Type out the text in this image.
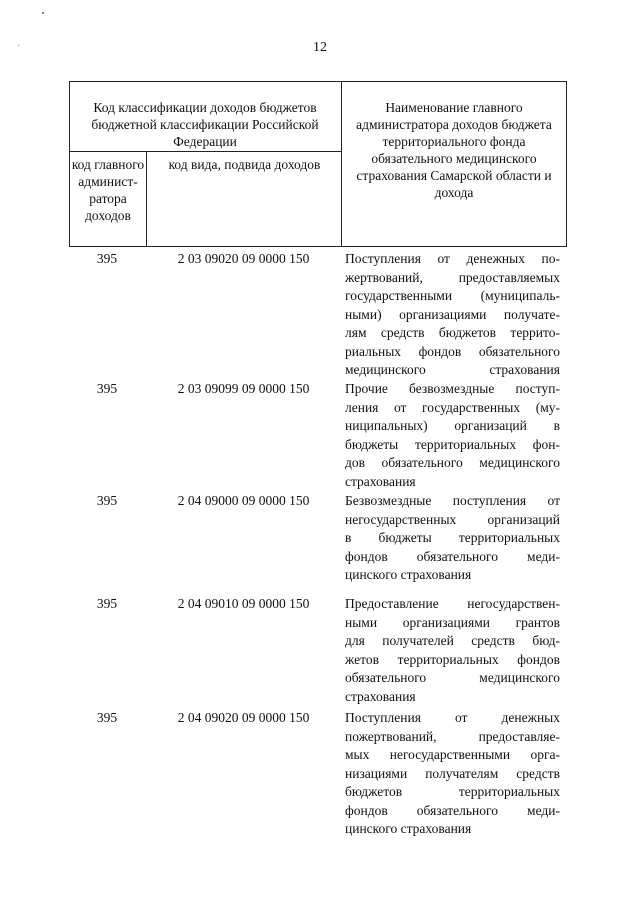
12
Код классификации доходов бюджетов бюджетной классификации Российской Федерации
код главного админист-ратора доходов
код вида, подвида доходов
Наименование главного администратора доходов бюджета территориального фонда обязательного медицинского страхования Самарской области и дохода
395	2 03 09020 09 0000 150	Поступления от денежных по-
жертвований, предоставляемых
государственными (муниципаль-
ными) организациями получате-
лям средств бюджетов террито-
риальных фондов обязательного
медицинского страхования
395	2 03 09099 09 0000 150	Прочие безвозмездные поступ-
ления от государственных (му-
ниципальных) организаций в
бюджеты территориальных фон-
дов обязательного медицинского
страхования
395	2 04 09000 09 0000 150	Безвозмездные поступления от
негосударственных организаций
в бюджеты территориальных
фондов обязательного меди-
цинского страхования
395	2 04 09010 09 0000 150	Предоставление негосударствен-
ными организациями грантов
для получателей средств бюд-
жетов территориальных фондов
обязательного медицинского
страхования
395	2 04 09020 09 0000 150	Поступления от денежных
пожертвований, предоставляе-
мых негосударственными орга-
низациями получателям средств
бюджетов территориальных
фондов обязательного меди-
цинского страхования
